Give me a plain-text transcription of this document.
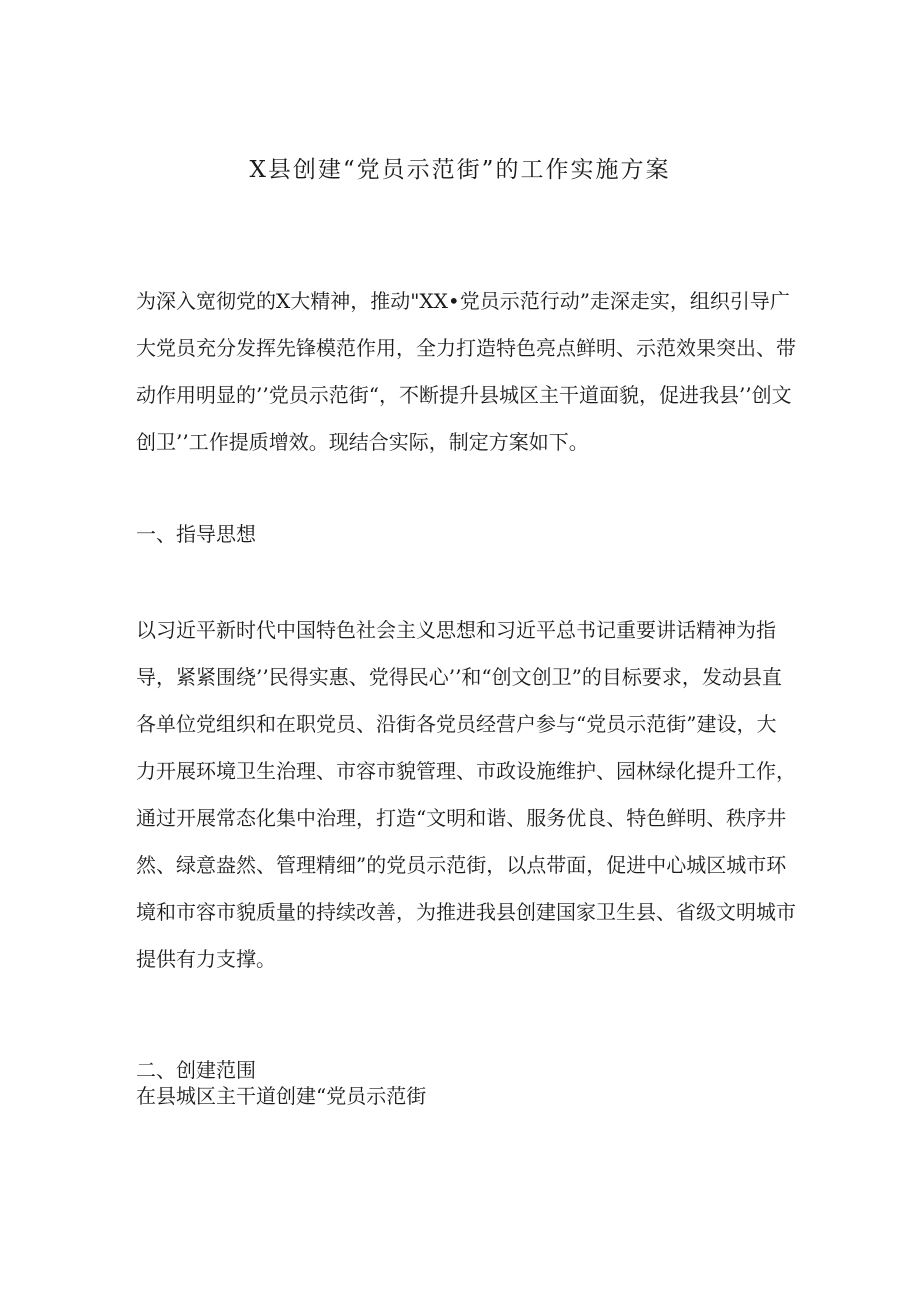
X县创建“党员示范街”的工作实施方案

为深入宽彻党的X大精神，推动"XX•党员示范行动”走深走实，组织引导广大党员充分发挥先锋模范作用，全力打造特色亮点鲜明、示范效果突出、带动作用明显的’’党员示范街“，不断提升县城区主干道面貌，促进我县’’创文创卫’’工作提质增效。现结合实际，制定方案如下。

一、指导思想

以习近平新时代中国特色社会主义思想和习近平总书记重要讲话精神为指导，紧紧围绕’’民得实惠、党得民心’’和“创文创卫”的目标要求，发动县直各单位党组织和在职党员、沿街各党员经营户参与“党员示范街”建设，大力开展环境卫生治理、市容市貌管理、市政设施维护、园林绿化提升工作，通过开展常态化集中治理，打造“文明和谐、服务优良、特色鲜明、秩序井然、绿意盎然、管理精细”的党员示范街，以点带面，促进中心城区城市环境和市容市貌质量的持续改善，为推进我县创建国家卫生县、省级文明城市提供有力支撑。

二、创建范围
在县城区主干道创建“党员示范街
